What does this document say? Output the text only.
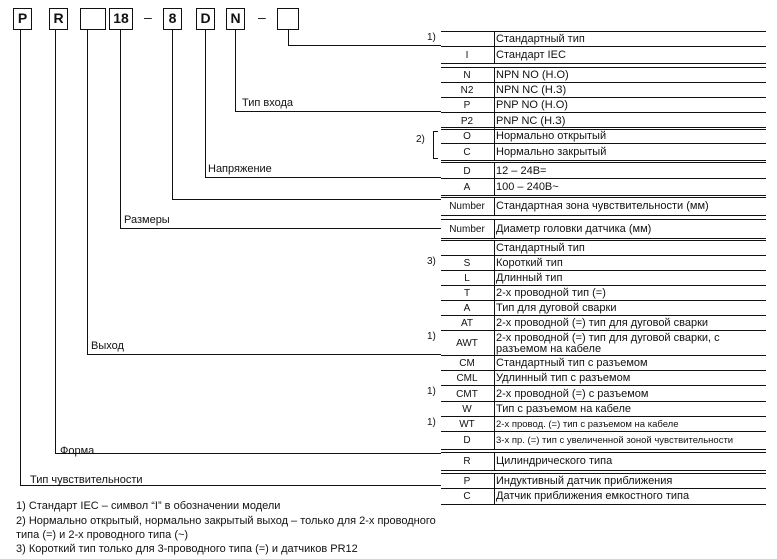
P	R	18	–	8	D	N	–
Тип входа
Напряжение
Размеры
Выход
Форма
Тип чувствительности
Стандартный тип
1)
I	Стандарт IEC
N	NPN NO (Н.О)
N2	NPN NC (Н.З)
P	PNP NO (Н.О)
P2	PNP NC (Н.З)
O	Нормально открытый
2)
C	Нормально закрытый
D	12 – 24В=
A	100 – 240В~
Number	Стандартная зона чувствительности (мм)
Number	Диаметр головки датчика (мм)
Стандартный тип
S	Короткий тип
3)
L	Длинный тип
T	2-х проводной тип (=)
A	Тип для дуговой сварки
AT	2-х проводной (=) тип для дуговой сварки
AWT	2-х проводной (=) тип для дуговой сварки, с разъемом на кабеле
1)
CM	Стандартный тип с разъемом
CML	Удлинный тип с разъемом
CMT	2-х проводной (=) с разъемом
1)
W	Тип с разъемом на кабеле
WT	2-х провод. (=) тип с разъемом на кабеле
1)
D	3-х пр. (=) тип с увеличенной зоной чувствительности
R	Цилиндрического типа
P	Индуктивный датчик приближения
C	Датчик приближения емкостного типа
1) Стандарт IEC – символ “I” в обозначении модели
2) Нормально открытый, нормально закрытый выход – только для 2-х проводного
типа (=) и 2-х проводного типа (~)
3) Короткий тип только для 3-проводного типа (=) и датчиков PR12
